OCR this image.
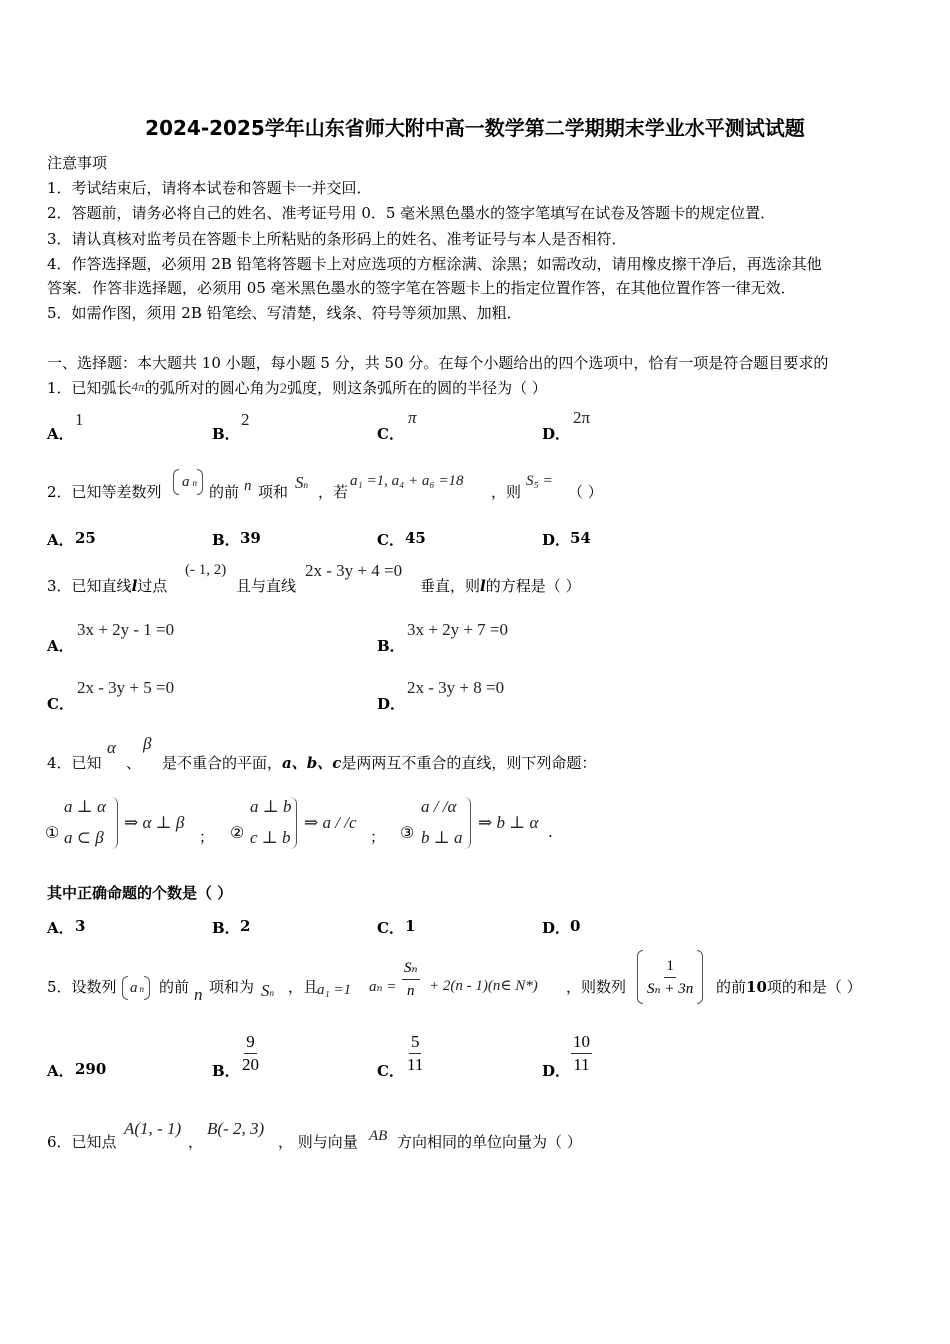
2024-2025学年山东省师大附中高一数学第二学期期末学业水平测试试题
注意事项
1．考试结束后，请将本试卷和答题卡一并交回．
2．答题前，请务必将自己的姓名、准考证号用 0．5 毫米黑色墨水的签字笔填写在试卷及答题卡的规定位置．
3．请认真核对监考员在答题卡上所粘贴的条形码上的姓名、准考证号与本人是否相符．
4．作答选择题，必须用 2B 铅笔将答题卡上对应选项的方框涂满、涂黑；如需改动，请用橡皮擦干净后，再选涂其他
答案．作答非选择题，必须用 05 毫米黑色墨水的签字笔在答题卡上的指定位置作答，在其他位置作答一律无效．
5．如需作图，须用 2B 铅笔绘、写清楚，线条、符号等须加黑、加粗．
一、选择题：本大题共 10 小题，每小题 5 分，共 50 分。在每个小题给出的四个选项中，恰有一项是符合题目要求的
1．已知弧长4π的弧所对的圆心角为2弧度，则这条弧所在的圆的半径为（ ）
A．
1
B．
2
C．
π
D．
2π
2．已知等差数列
an 的前 n 项和 Sn ，若
a₁ =1, a₄ + a₆ =18
，则
S₅ =
（ ）
A． 25	B． 39	C． 45	D． 54
3．已知直线l过点
(- 1, 2)
且与直线
2x - 3y + 4 =0
垂直，则l的方程是（ ）
A．
3x + 2y - 1 =0
B．
3x + 2y + 7 =0
C．
2x - 3y + 5 =0
D．
2x - 3y + 8 =0
4．已知
α
、
β
是不重合的平面，a、b、c是两两互不重合的直线，则下列命题：
①
a ⊥ α
a ⊂ β
⇒ α ⊥ β
； ②
a ⊥ b
c ⊥ b
⇒ a / /c
； ③
a / /α
b ⊥ a
⇒ b ⊥ α .
其中正确命题的个数是（ ）
A． 3	B． 2	C． 1	D． 0
5．设数列 an	的前 n 项和为 Sn ，且
a₁ =1 $a_n = \frac{\text{Sₙ}}{n} + 2(n$ - 1)(n∈ N*) ，则数列 $\frac{1}{\text{Sₙ + 3n}}$ 的前10项的和是（ ）
A． 290	B． $\frac{9}{20}$	C． $\frac{5}{11}$	D． $\frac{10}{11}$
6．已知点
A(1, - 1)
，
B(- 2, 3)
， 则与向量 AB 方向相同的单位向量为（ ）
